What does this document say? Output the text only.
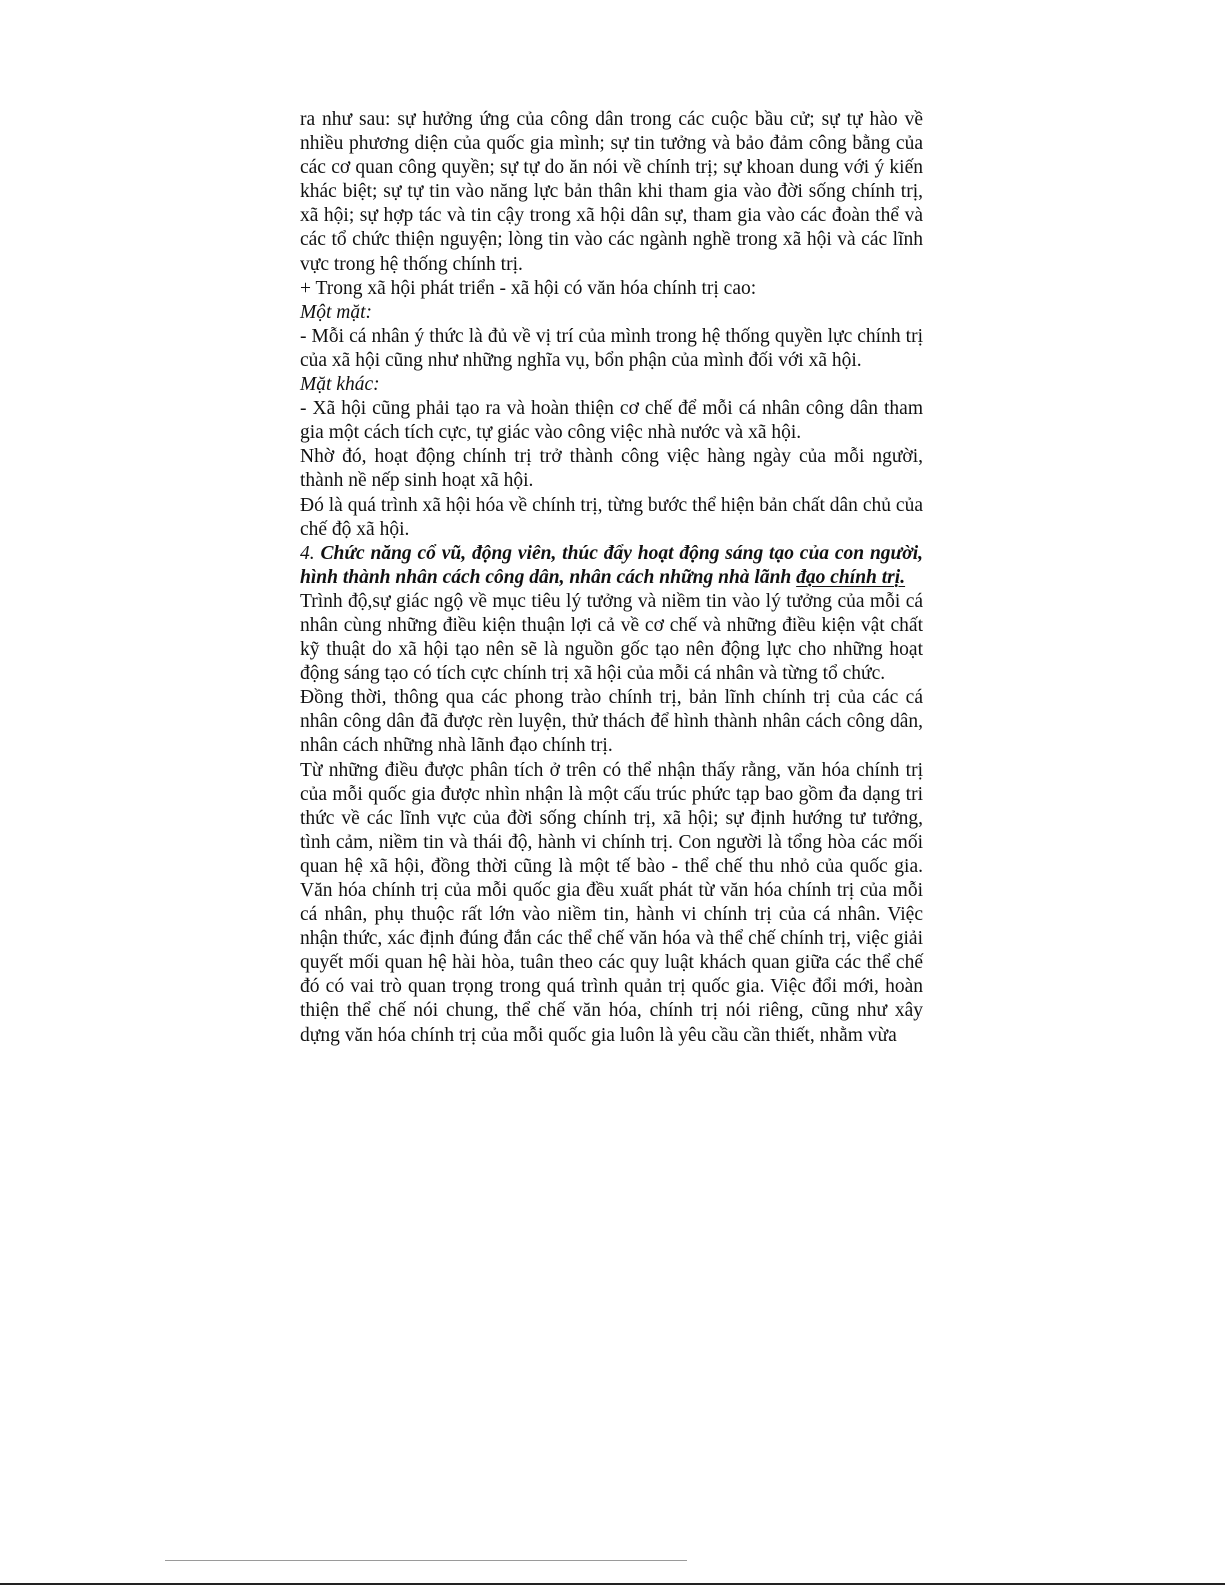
ra như sau: sự hưởng ứng của công dân trong các cuộc bầu cử; sự tự hào về nhiều phương diện của quốc gia mình; sự tin tưởng và bảo đảm công bằng của các cơ quan công quyền; sự tự do ăn nói về chính trị; sự khoan dung với ý kiến khác biệt; sự tự tin vào năng lực bản thân khi tham gia vào đời sống chính trị, xã hội; sự hợp tác và tin cậy trong xã hội dân sự, tham gia vào các đoàn thể và các tổ chức thiện nguyện; lòng tin vào các ngành nghề trong xã hội và các lĩnh vực trong hệ thống chính trị.

+ Trong xã hội phát triển - xã hội có văn hóa chính trị cao:

Một mặt:

- Mỗi cá nhân ý thức là đủ về vị trí của mình trong hệ thống quyền lực chính trị của xã hội cũng như những nghĩa vụ, bổn phận của mình đối với xã hội.

Mặt khác:

- Xã hội cũng phải tạo ra và hoàn thiện cơ chế để mỗi cá nhân công dân tham gia một cách tích cực, tự giác vào công việc nhà nước và xã hội.

Nhờ đó, hoạt động chính trị trở thành công việc hàng ngày của mỗi người, thành nề nếp sinh hoạt xã hội.

Đó là quá trình xã hội hóa về chính trị, từng bước thể hiện bản chất dân chủ của chế độ xã hội.

4. Chức năng cổ vũ, động viên, thúc đẩy hoạt động sáng tạo của con người, hình thành nhân cách công dân, nhân cách những nhà lãnh đạo chính trị.

Trình độ,sự giác ngộ về mục tiêu lý tưởng và niềm tin vào lý tưởng của mỗi cá nhân cùng những điều kiện thuận lợi cả về cơ chế và những điều kiện vật chất kỹ thuật do xã hội tạo nên sẽ là nguồn gốc tạo nên động lực cho những hoạt động sáng tạo có tích cực chính trị xã hội của mỗi cá nhân và từng tổ chức.

Đồng thời, thông qua các phong trào chính trị, bản lĩnh chính trị của các cá nhân công dân đã được rèn luyện, thử thách để hình thành nhân cách công dân, nhân cách những nhà lãnh đạo chính trị.

Từ những điều được phân tích ở trên có thể nhận thấy rằng, văn hóa chính trị của mỗi quốc gia được nhìn nhận là một cấu trúc phức tạp bao gồm đa dạng tri thức về các lĩnh vực của đời sống chính trị, xã hội; sự định hướng tư tưởng, tình cảm, niềm tin và thái độ, hành vi chính trị. Con người là tổng hòa các mối quan hệ xã hội, đồng thời cũng là một tế bào - thể chế thu nhỏ của quốc gia. Văn hóa chính trị của mỗi quốc gia đều xuất phát từ văn hóa chính trị của mỗi cá nhân, phụ thuộc rất lớn vào niềm tin, hành vi chính trị của cá nhân. Việc nhận thức, xác định đúng đắn các thể chế văn hóa và thể chế chính trị, việc giải quyết mối quan hệ hài hòa, tuân theo các quy luật khách quan giữa các thể chế đó có vai trò quan trọng trong quá trình quản trị quốc gia. Việc đổi mới, hoàn thiện thể chế nói chung, thể chế văn hóa, chính trị nói riêng, cũng như xây dựng văn hóa chính trị của mỗi quốc gia luôn là yêu cầu cần thiết, nhằm vừa
